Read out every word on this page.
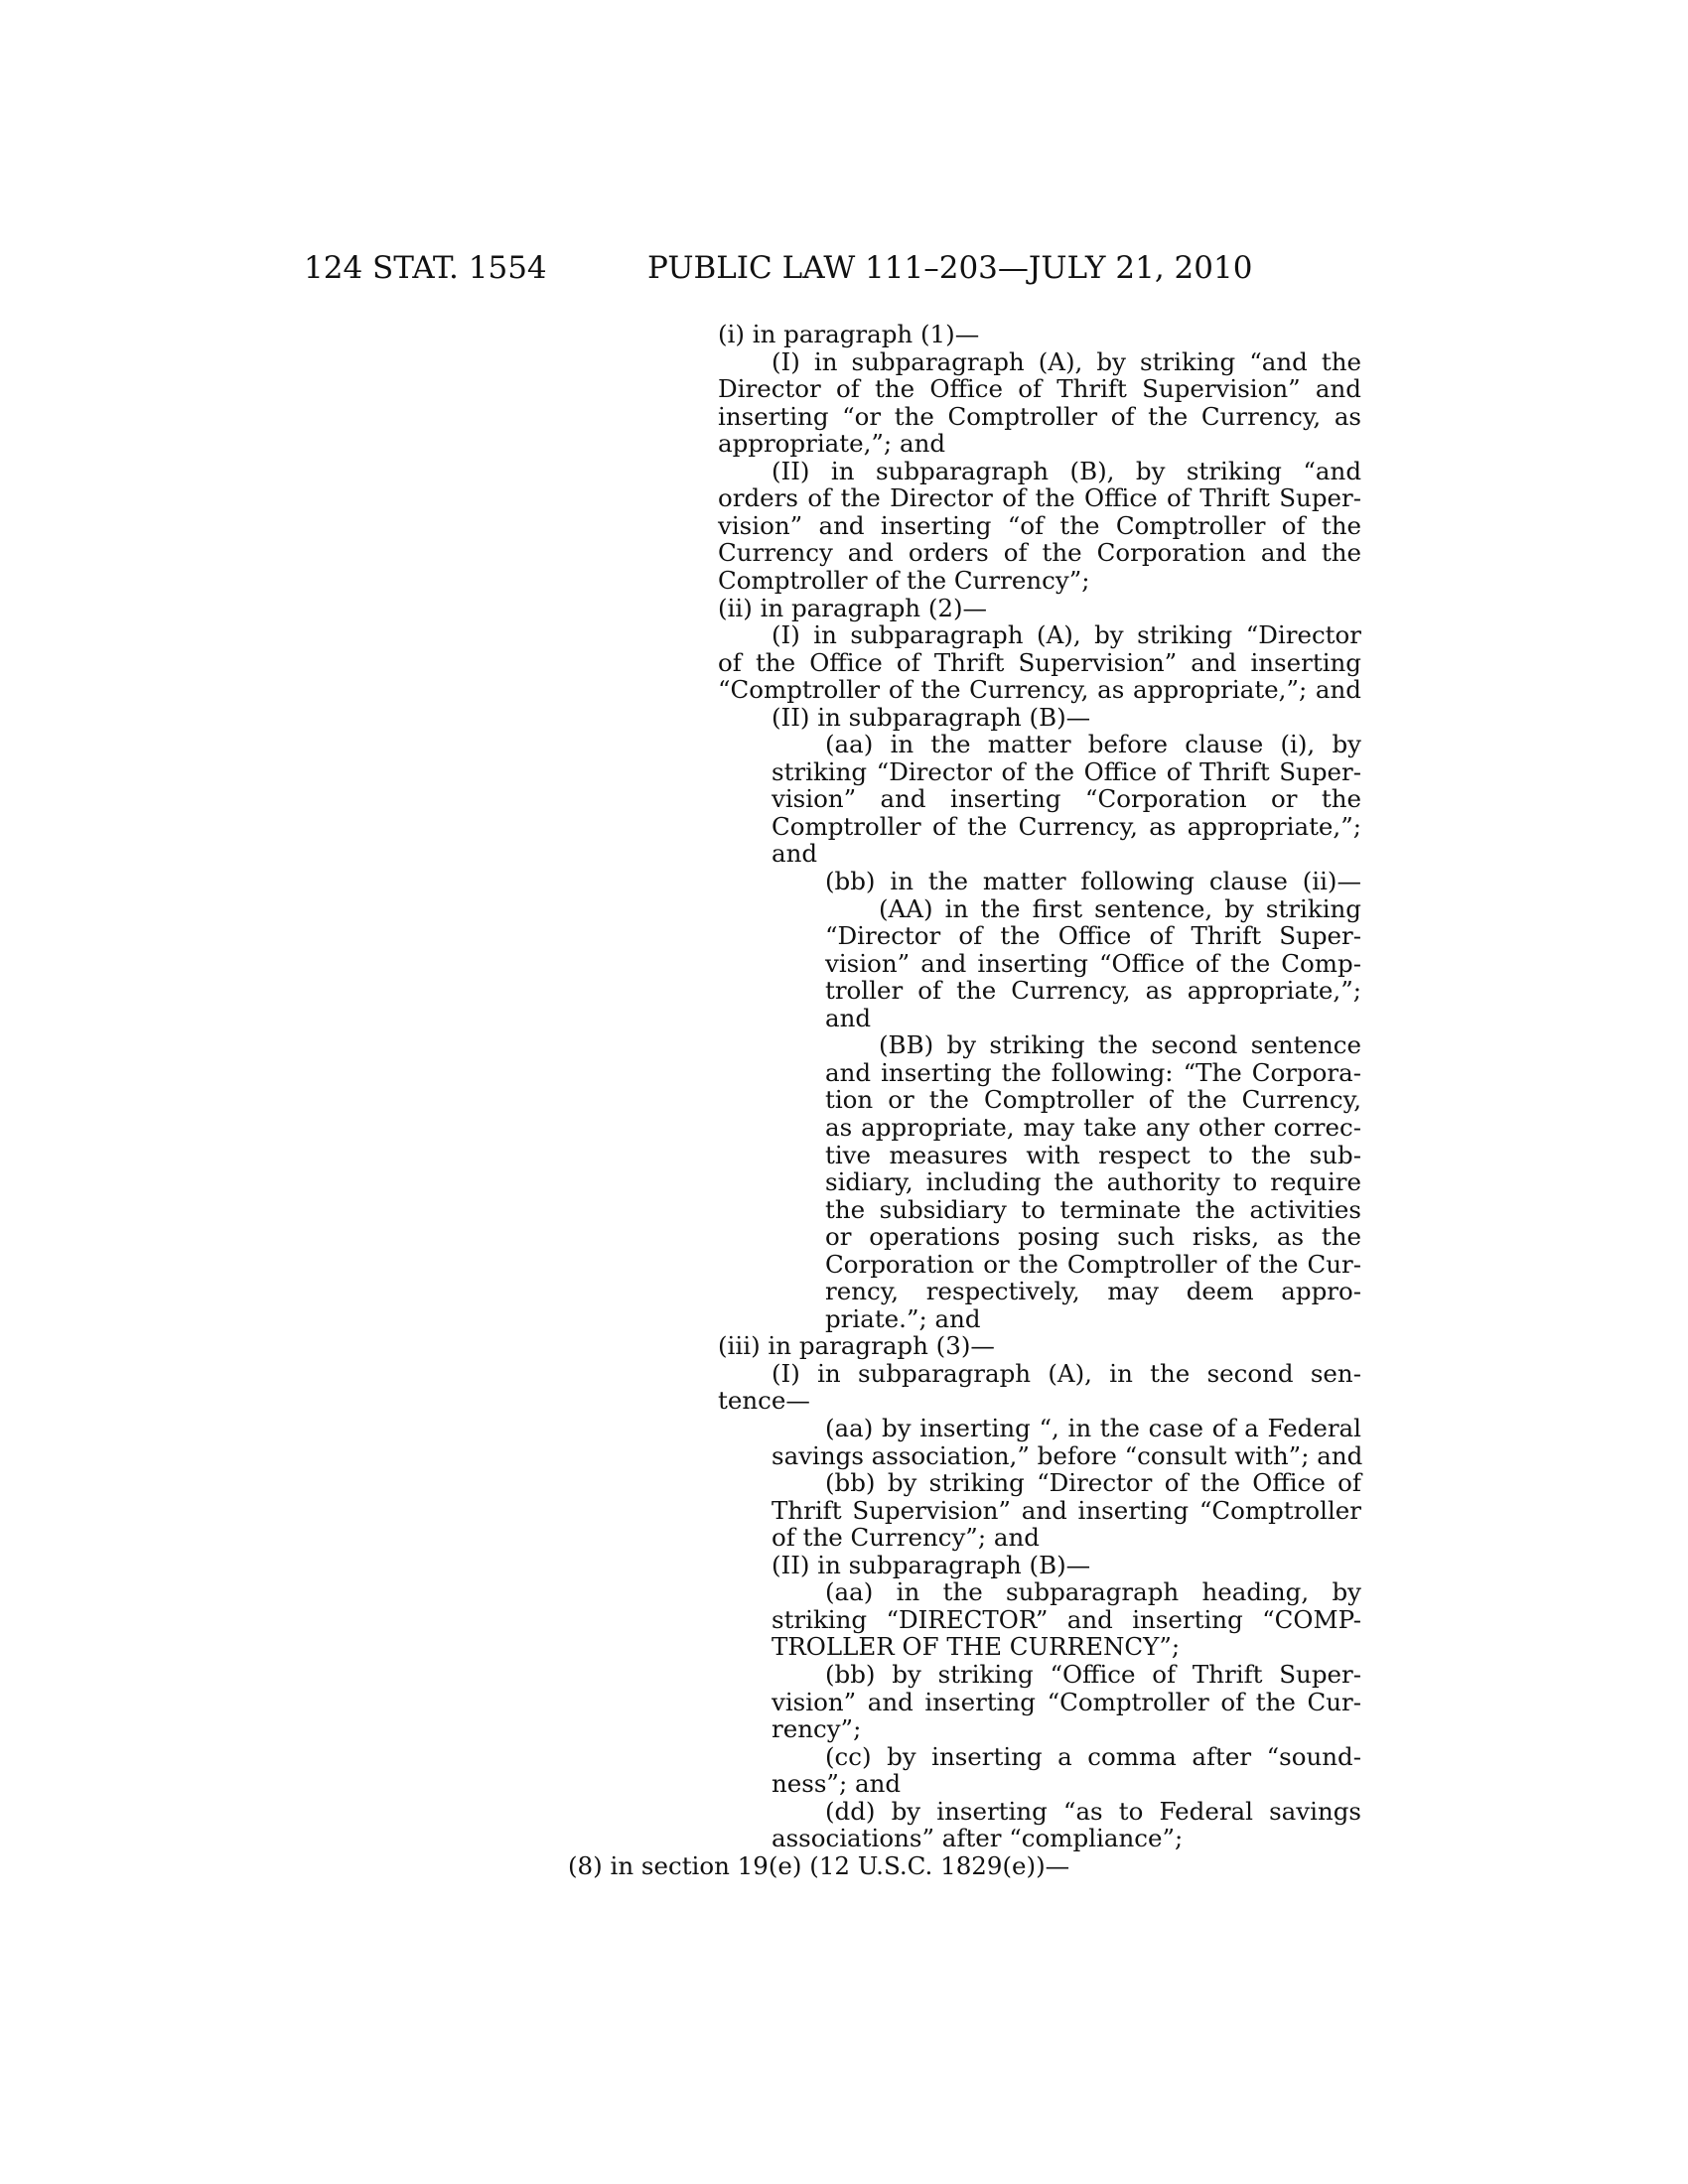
124 STAT. 1554	PUBLIC LAW 111–203—JULY 21, 2010
(i) in paragraph (1)—
(I) in subparagraph (A), by striking “and the
Director of the Office of Thrift Supervision” and
inserting “or the Comptroller of the Currency, as
appropriate,”; and
(II) in subparagraph (B), by striking “and
orders of the Director of the Office of Thrift Super-
vision” and inserting “of the Comptroller of the
Currency and orders of the Corporation and the
Comptroller of the Currency”;
(ii) in paragraph (2)—
(I) in subparagraph (A), by striking “Director
of the Office of Thrift Supervision” and inserting
“Comptroller of the Currency, as appropriate,”; and
(II) in subparagraph (B)—
(aa) in the matter before clause (i), by
striking “Director of the Office of Thrift Super-
vision” and inserting “Corporation or the
Comptroller of the Currency, as appropriate,”;
and
(bb) in the matter following clause (ii)—
(AA) in the first sentence, by striking
“Director of the Office of Thrift Super-
vision” and inserting “Office of the Comp-
troller of the Currency, as appropriate,”;
and
(BB) by striking the second sentence
and inserting the following: “The Corpora-
tion or the Comptroller of the Currency,
as appropriate, may take any other correc-
tive measures with respect to the sub-
sidiary, including the authority to require
the subsidiary to terminate the activities
or operations posing such risks, as the
Corporation or the Comptroller of the Cur-
rency, respectively, may deem appro-
priate.”; and
(iii) in paragraph (3)—
(I) in subparagraph (A), in the second sen-
tence—
(aa) by inserting “, in the case of a Federal
savings association,” before “consult with”; and
(bb) by striking “Director of the Office of
Thrift Supervision” and inserting “Comptroller
of the Currency”; and
(II) in subparagraph (B)—
(aa) in the subparagraph heading, by
striking “DIRECTOR” and inserting “COMP-
TROLLER OF THE CURRENCY”;
(bb) by striking “Office of Thrift Super-
vision” and inserting “Comptroller of the Cur-
rency”;
(cc) by inserting a comma after “sound-
ness”; and
(dd) by inserting “as to Federal savings
associations” after “compliance”;
(8) in section 19(e) (12 U.S.C. 1829(e))—
